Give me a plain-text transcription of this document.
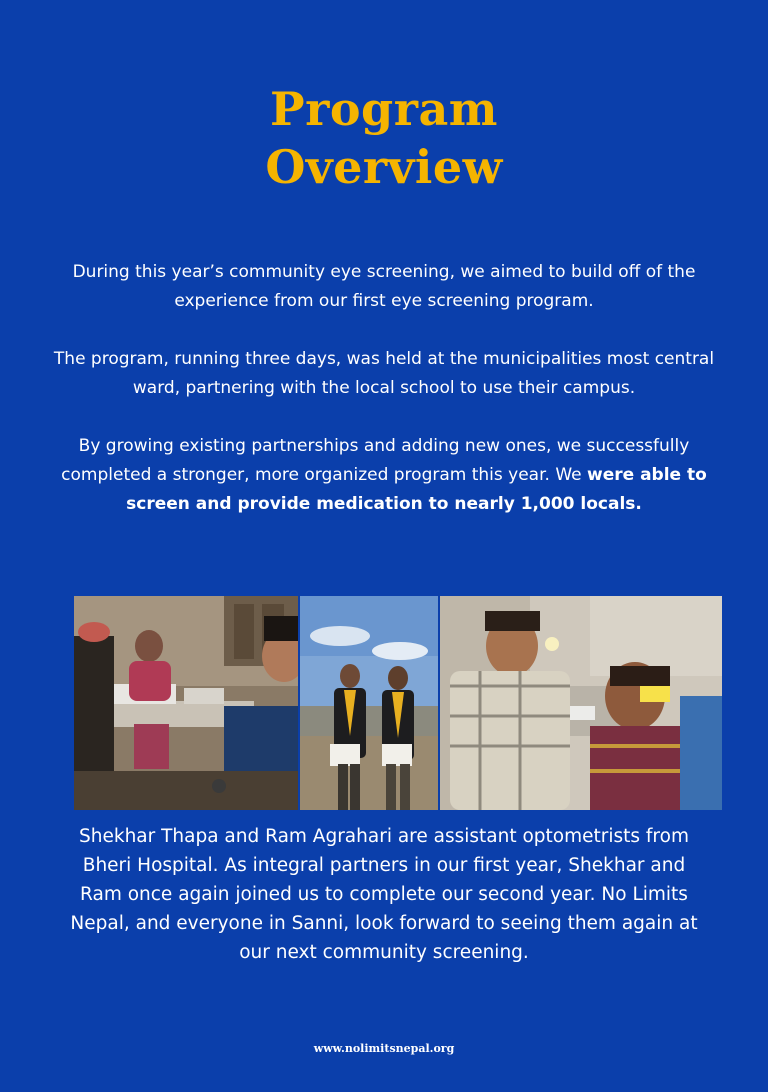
Program
Overview

During this year’s community eye screening, we aimed to build off of the experience from our first eye screening program.

The program, running three days, was held at the municipalities most central ward, partnering with the local school to use their campus.

By growing existing partnerships and adding new ones, we successfully completed a stronger, more organized program this year. We were able to screen and provide medication to nearly 1,000 locals.

Shekhar Thapa and Ram Agrahari are assistant optometrists from Bheri Hospital. As integral partners in our first year, Shekhar and Ram once again joined us to complete our second year. No Limits Nepal, and everyone in Sanni, look forward to seeing them again at our next community screening.
www.nolimitsnepal.org
